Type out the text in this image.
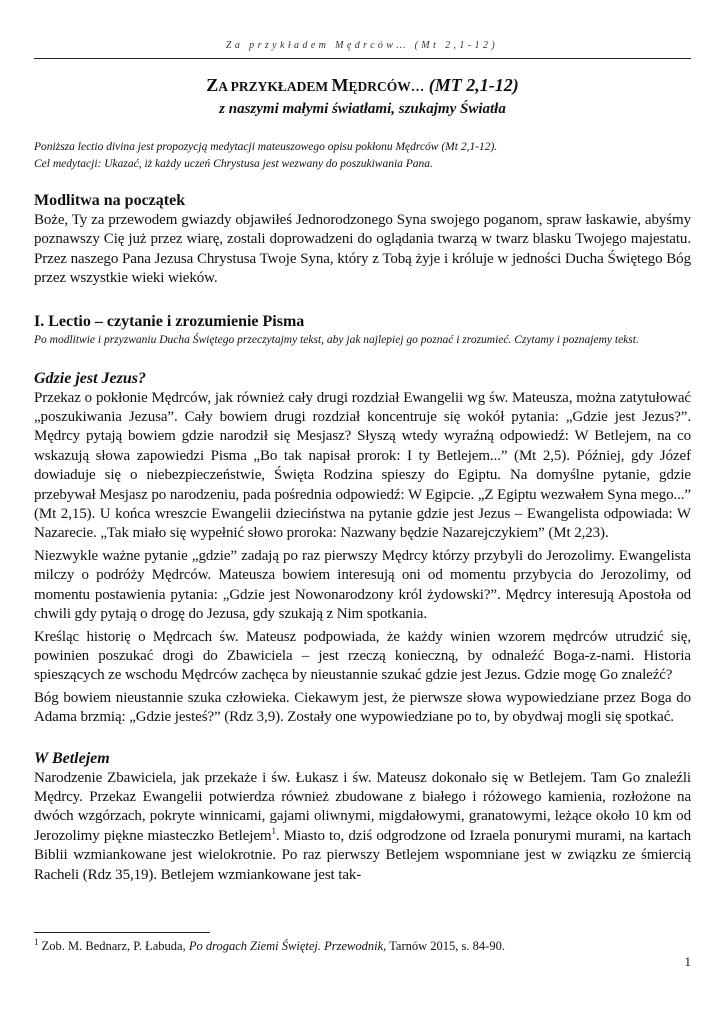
Za przykładem Mędrców… (Mt 2,1-12)
ZA PRZYKŁADEM MĘDRCÓW… (MT 2,1-12)
z naszymi małymi światłami, szukajmy Światła
Poniższa lectio divina jest propozycją medytacji mateuszowego opisu pokłonu Mędrców (Mt 2,1-12).
Cel medytacji: Ukazać, iż każdy uczeń Chrystusa jest wezwany do poszukiwania Pana.
Modlitwa na początek

Boże, Ty za przewodem gwiazdy objawiłeś Jednorodzonego Syna swojego poganom, spraw łaskawie, abyśmy poznawszy Cię już przez wiarę, zostali doprowadzeni do oglądania twarzą w twarz blasku Twojego majestatu. Przez naszego Pana Jezusa Chrystusa Twoje Syna, który z Tobą żyje i króluje w jedności Ducha Świętego Bóg przez wszystkie wieki wieków.

I. Lectio – czytanie i zrozumienie Pisma

Po modlitwie i przyzwaniu Ducha Świętego przeczytajmy tekst, aby jak najlepiej go poznać i zrozumieć. Czytamy i poznajemy tekst.

Gdzie jest Jezus?

Przekaz o pokłonie Mędrców, jak również cały drugi rozdział Ewangelii wg św. Mateusza, można zatytułować „poszukiwania Jezusa”. Cały bowiem drugi rozdział koncentruje się wokół pytania: „Gdzie jest Jezus?”. Mędrcy pytają bowiem gdzie narodził się Mesjasz? Słyszą wtedy wyraźną odpowiedź: W Betlejem, na co wskazują słowa zapowiedzi Pisma „Bo tak napisał prorok: I ty Betlejem...” (Mt 2,5). Później, gdy Józef dowiaduje się o niebezpieczeństwie, Święta Rodzina spieszy do Egiptu. Na domyślne pytanie, gdzie przebywał Mesjasz po narodzeniu, pada pośrednia odpowiedź: W Egipcie. „Z Egiptu wezwałem Syna mego...” (Mt 2,15). U końca wreszcie Ewangelii dzieciństwa na pytanie gdzie jest Jezus – Ewangelista odpowiada: W Nazarecie. „Tak miało się wypełnić słowo proroka: Nazwany będzie Nazarejczykiem” (Mt 2,23).

Niezwykle ważne pytanie „gdzie” zadają po raz pierwszy Mędrcy którzy przybyli do Jerozolimy. Ewangelista milczy o podróży Mędrców. Mateusza bowiem interesują oni od momentu przybycia do Jerozolimy, od momentu postawienia pytania: „Gdzie jest Nowonarodzony król żydowski?”. Mędrcy interesują Apostoła od chwili gdy pytają o drogę do Jezusa, gdy szukają z Nim spotkania.

Kreśląc historię o Mędrcach św. Mateusz podpowiada, że każdy winien wzorem mędrców utrudzić się, powinien poszukać drogi do Zbawiciela – jest rzeczą konieczną, by odnaleźć Boga-z-nami. Historia spieszących ze wschodu Mędrców zachęca by nieustannie szukać gdzie jest Jezus. Gdzie mogę Go znaleźć?

Bóg bowiem nieustannie szuka człowieka. Ciekawym jest, że pierwsze słowa wypowiedziane przez Boga do Adama brzmią: „Gdzie jesteś?” (Rdz 3,9). Zostały one wypowiedziane po to, by obydwaj mogli się spotkać.

W Betlejem

Narodzenie Zbawiciela, jak przekaże i św. Łukasz i św. Mateusz dokonało się w Betlejem. Tam Go znaleźli Mędrcy. Przekaz Ewangelii potwierdza również zbudowane z białego i różowego kamienia, rozłożone na dwóch wzgórzach, pokryte winnicami, gajami oliwnymi, migdałowymi, granatowymi, leżące około 10 km od Jerozolimy piękne miasteczko Betlejem$^1$. Miasto to, dziś odgrodzone od Izraela ponurymi murami, na kartach Biblii wzmiankowane jest wielokrotnie. Po raz pierwszy Betlejem wspomniane jest w związku ze śmiercią Racheli (Rdz 35,19). Betlejem wzmiankowane jest tak-

$^1$ Zob. M. Bednarz, P. Łabuda, Po drogach Ziemi Świętej. Przewodnik, Tarnów 2015, s. 84-90.
1
